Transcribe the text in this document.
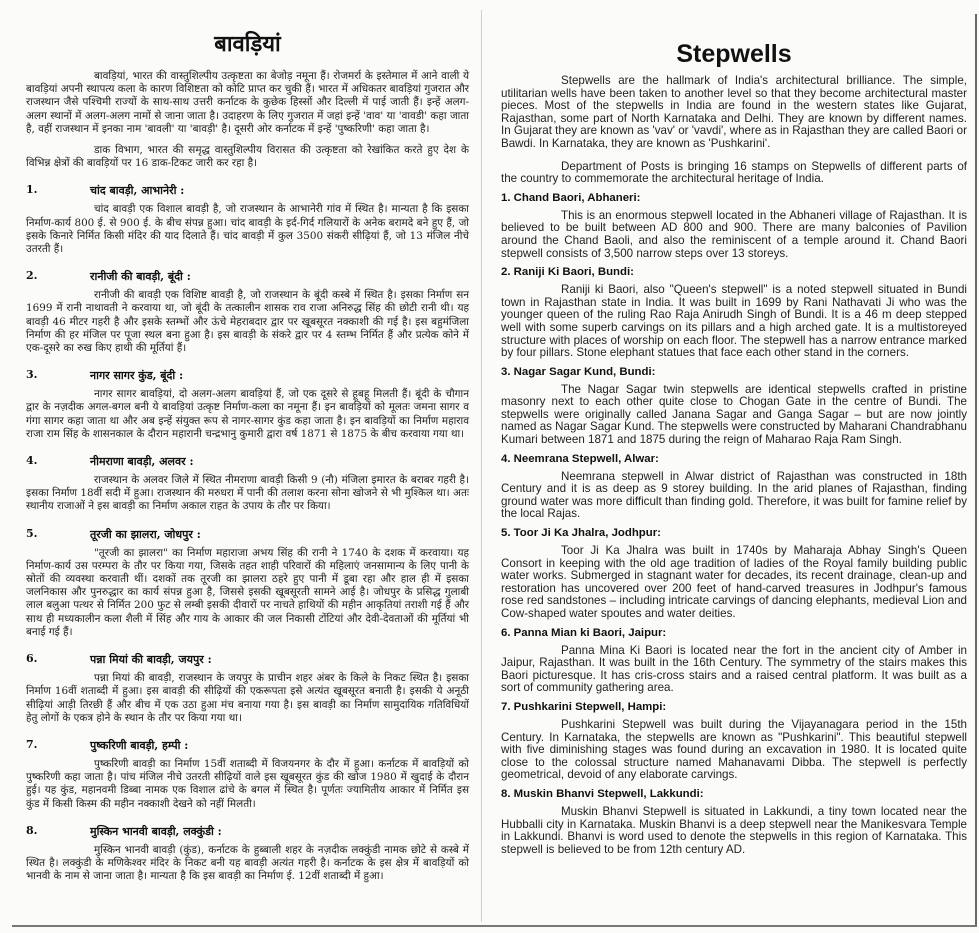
बावड़ियां

बावड़ियां, भारत की वास्तुशिल्पीय उत्कृष्टता का बेजोड़ नमूना हैं। रोजमर्रा के इस्तेमाल में आने वाली ये बावड़ियां अपनी स्थापत्य कला के कारण विशिष्टता को कोटि प्राप्त कर चुकी हैं। भारत में अधिकतर बावड़ियां गुजरात और राजस्थान जैसे पश्चिमी राज्यों के साथ-साथ उत्तरी कर्नाटक के कुछेक हिस्सों और दिल्ली में पाई जाती हैं। इन्हें अलग-अलग स्थानों में अलग-अलग नामों से जाना जाता है। उदाहरण के लिए गुजरात में जहां इन्हें 'वाव' या 'वावडी' कहा जाता है, वहीं राजस्थान में इनका नाम 'बावली' या 'बावड़ी' है। दूसरी ओर कर्नाटक में इन्हें 'पुष्करिणी' कहा जाता है।

डाक विभाग, भारत की समृद्ध वास्तुशिल्पीय विरासत की उत्कृष्टता को रेखांकित करते हुए देश के विभिन्न क्षेत्रों की बावड़ियों पर 16 डाक-टिकट जारी कर रहा है।

1.	चांद बावड़ी, आभानेरी :

चांद बावड़ी एक विशाल बावड़ी है, जो राजस्थान के आभानेरी गांव में स्थित है। मान्यता है कि इसका निर्माण-कार्य 800 ई. से 900 ई. के बीच संपन्न हुआ। चांद बावड़ी के इर्द-गिर्द गलियारों के अनेक बरामदे बने हुए हैं, जो इसके किनारे निर्मित किसी मंदिर की याद दिलाते हैं। चांद बावड़ी में कुल 3500 संकरी सीढ़ियां हैं, जो 13 मंजिल नीचे उतरती हैं।

2.	रानीजी की बावड़ी, बूंदी :

रानीजी की बावड़ी एक विशिष्ट बावड़ी है, जो राजस्थान के बूंदी कस्बे में स्थित है। इसका निर्माण सन 1699 में रानी नाथावती ने करवाया था, जो बूंदी के तत्कालीन शासक राव राजा अनिरुद्ध सिंह की छोटी रानी थी। यह बावड़ी 46 मीटर गहरी है और इसके स्तम्भों और ऊंचे मेहराबदार द्वार पर खूबसूरत नक्काशी की गई है। इस बहुमंजिला निर्माण की हर मंजिल पर पूजा स्थल बना हुआ है। इस बावड़ी के संकरे द्वार पर 4 स्तम्भ निर्मित हैं और प्रत्येक कोने में एक-दूसरे का रुख किए हाथी की मूर्तियां हैं।

3.	नागर सागर कुंड, बूंदी :

नागर सागर बावड़ियां, दो अलग-अलग बावड़ियां हैं, जो एक दूसरे से हूबहू मिलती हैं। बूंदी के चौगान द्वार के नज़दीक अगल-बगल बनी ये बावड़ियां उत्कृष्ट निर्माण-कला का नमूना हैं। इन बावड़ियों को मूलतः जमना सागर व गंगा सागर कहा जाता था और अब इन्हें संयुक्त रूप से नागर-सागर कुंड कहा जाता है। इन बावड़ियों का निर्माण महाराव राजा राम सिंह के शासनकाल के दौरान महारानी चन्द्रभानु कुमारी द्वारा वर्ष 1871 से 1875 के बीच करवाया गया था।

4.	नीमराणा बावड़ी, अलवर :

राजस्थान के अलवर जिले में स्थित नीमराणा बावड़ी किसी 9 (नौ) मंजिला इमारत के बराबर गहरी है। इसका निर्माण 18वीं सदी में हुआ। राजस्थान की मरुधरा में पानी की तलाश करना सोना खोजने से भी मुश्किल था। अतः स्थानीय राजाओं ने इस बावड़ी का निर्माण अकाल राहत के उपाय के तौर पर किया।

5.	तूरजी का झालरा, जोधपुर :

"तूरजी का झालरा" का निर्माण महाराजा अभय सिंह की रानी ने 1740 के दशक में करवाया। यह निर्माण-कार्य उस परम्परा के तौर पर किया गया, जिसके तहत शाही परिवारों की महिलाएं जनसामान्य के लिए पानी के स्रोतों की व्यवस्था करवाती थीं। दशकों तक तूरजी का झालरा ठहरे हुए पानी में डूबा रहा और हाल ही में इसका जलनिकास और पुनरुद्धार का कार्य संपन्न हुआ है, जिससे इसकी खूबसूरती सामने आई है। जोधपुर के प्रसिद्ध गुलाबी लाल बलुआ पत्थर से निर्मित 200 फुट से लम्बी इसकी दीवारों पर नाचते हाथियों की महीन आकृतियां तराशी गई हैं और साथ ही मध्यकालीन कला शैली में सिंह और गाय के आकार की जल निकासी टोंटियां और देवी-देवताओं की मूर्तियां भी बनाई गई हैं।

6.	पन्ना मियां की बावड़ी, जयपुर :

पन्ना मियां की बावड़ी, राजस्थान के जयपुर के प्राचीन शहर अंबर के किले के निकट स्थित है। इसका निर्माण 16वीं शताब्दी में हुआ। इस बावड़ी की सीढ़ियों की एकरूपता इसे अत्यंत खूबसूरत बनाती है। इसकी ये अनूठी सीढ़ियां आड़ी तिरछी हैं और बीच में एक उठा हुआ मंच बनाया गया है। इस बावड़ी का निर्माण सामुदायिक गतिविधियों हेतु लोगों के एकत्र होने के स्थान के तौर पर किया गया था।

7.	पुष्करिणी बावड़ी, हम्पी :

पुष्करिणी बावड़ी का निर्माण 15वीं शताब्दी में विजयनगर के दौर में हुआ। कर्नाटक में बावड़ियों को पुष्करिणी कहा जाता है। पांच मंजिल नीचे उतरती सीढ़ियों वाले इस खूबसूरत कुंड की खोज 1980 में खुदाई के दौरान हुई। यह कुंड, महानवमी डिब्बा नामक एक विशाल ढांचे के बगल में स्थित है। पूर्णतः ज्यामितीय आकार में निर्मित इस कुंड में किसी किस्म की महीन नक्काशी देखने को नहीं मिलती।

8.	मुस्किन भानवी बावड़ी, लक्कुंडी :

मुस्किन भानवी बावड़ी (कुंड), कर्नाटक के हुब्बाली शहर के नज़दीक लक्कुंडी नामक छोटे से कस्बे में स्थित है। लक्कुंडी के मणिकेश्वर मंदिर के निकट बनी यह बावड़ी अत्यंत गहरी है। कर्नाटक के इस क्षेत्र में बावड़ियों को भानवी के नाम से जाना जाता है। मान्यता है कि इस बावड़ी का निर्माण ई. 12वीं शताब्दी में हुआ।

Stepwells

Stepwells are the hallmark of India's architectural brilliance. The simple, utilitarian wells have been taken to another level so that they become architectural master pieces. Most of the stepwells in India are found in the western states like Gujarat, Rajasthan, some part of North Karnataka and Delhi. They are known by different names. In Gujarat they are known as 'vav' or 'vavdi', where as in Rajasthan they are called Baori or Bawdi. In Karnataka, they are known as 'Pushkarini'.

Department of Posts is bringing 16 stamps on Stepwells of different parts of the country to commemorate the architectural heritage of India.

1. Chand Baori, Abhaneri:

This is an enormous stepwell located in the Abhaneri village of Rajasthan. It is believed to be built between AD 800 and 900. There are many balconies of Pavilion around the Chand Baoli, and also the reminiscent of a temple around it. Chand Baori stepwell consists of 3,500 narrow steps over 13 storeys.

2. Raniji Ki Baori, Bundi:

Raniji ki Baori, also "Queen's stepwell" is a noted stepwell situated in Bundi town in Rajasthan state in India. It was built in 1699 by Rani Nathavati Ji who was the younger queen of the ruling Rao Raja Anirudh Singh of Bundi. It is a 46 m deep stepped well with some superb carvings on its pillars and a high arched gate. It is a multistoreyed structure with places of worship on each floor. The stepwell has a narrow entrance marked by four pillars. Stone elephant statues that face each other stand in the corners.

3. Nagar Sagar Kund, Bundi:

The Nagar Sagar twin stepwells are identical stepwells crafted in pristine masonry next to each other quite close to Chogan Gate in the centre of Bundi. The stepwells were originally called Janana Sagar and Ganga Sagar – but are now jointly named as Nagar Sagar Kund. The stepwells were constructed by Maharani Chandrabhanu Kumari between 1871 and 1875 during the reign of Maharao Raja Ram Singh.

4. Neemrana Stepwell, Alwar:

Neemrana stepwell in Alwar district of Rajasthan was constructed in 18th Century and it is as deep as 9 storey building. In the arid planes of Rajasthan, finding ground water was more difficult than finding gold. Therefore, it was built for famine relief by the local Rajas.

5. Toor Ji Ka Jhalra, Jodhpur:

Toor Ji Ka Jhalra was built in 1740s by Maharaja Abhay Singh's Queen Consort in keeping with the old age tradition of ladies of the Royal family building public water works. Submerged in stagnant water for decades, its recent drainage, clean-up and restoration has uncovered over 200 feet of hand-carved treasures in Jodhpur's famous rose red sandstones – including intricate carvings of dancing elephants, medieval Lion and Cow-shaped water spoutes and water deities.

6. Panna Mian ki Baori, Jaipur:

Panna Mina Ki Baori is located near the fort in the ancient city of Amber in Jaipur, Rajasthan. It was built in the 16th Century. The symmetry of the stairs makes this Baori picturesque. It has cris-cross stairs and a raised central platform. It was built as a sort of community gathering area.

7. Pushkarini Stepwell, Hampi:

Pushkarini Stepwell was built during the Vijayanagara period in the 15th Century. In Karnataka, the stepwells are known as "Pushkarini". This beautiful stepwell with five diminishing stages was found during an excavation in 1980. It is located quite close to the colossal structure named Mahanavami Dibba. The stepwell is perfectly geometrical, devoid of any elaborate carvings.

8. Muskin Bhanvi Stepwell, Lakkundi:

Muskin Bhanvi Stepwell is situated in Lakkundi, a tiny town located near the Hubballi city in Karnataka. Muskin Bhanvi is a deep stepwell near the Manikesvara Temple in Lakkundi. Bhanvi is word used to denote the stepwells in this region of Karnataka. This stepwell is believed to be from 12th century AD.
